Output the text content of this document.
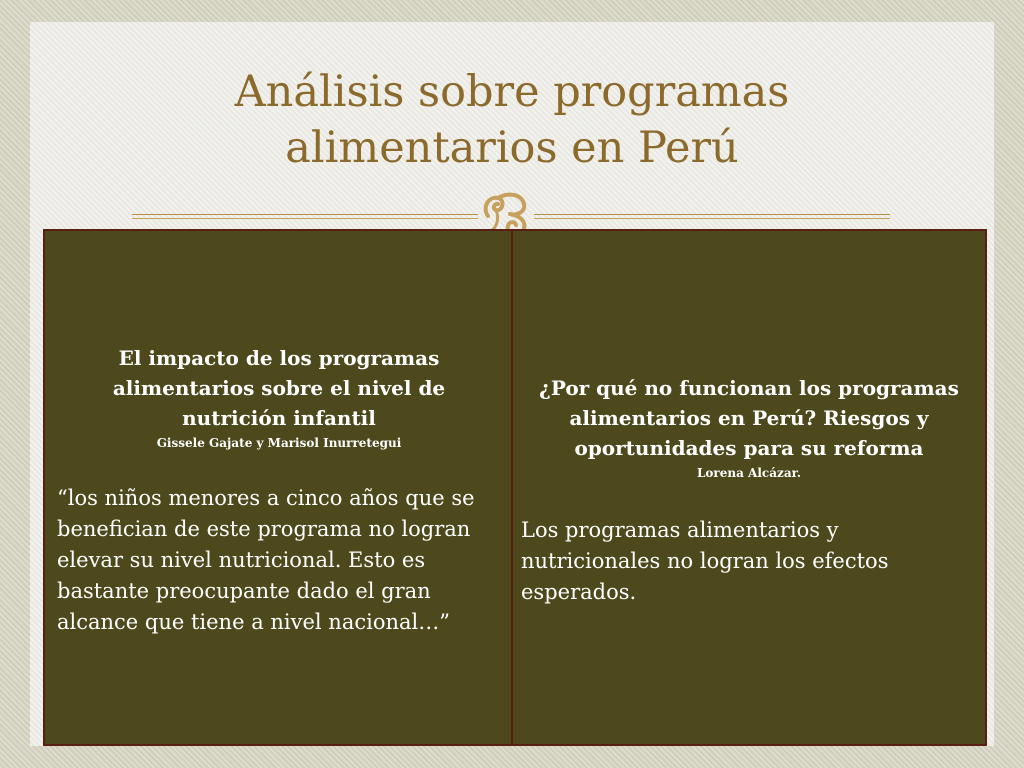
Análisis sobre programas
alimentarios en Perú

El impacto de los programas
alimentarios sobre el nivel de
nutrición infantil

Gissele Gajate y Marisol Inurretegui

“los niños menores a cinco años que se benefician de este programa no logran elevar su nivel nutricional. Esto es bastante preocupante dado el gran alcance que tiene a nivel nacional…”

¿Por qué no funcionan los programas
alimentarios en Perú? Riesgos y
oportunidades para su reforma

Lorena Alcázar.

Los programas alimentarios y nutricionales no logran los efectos esperados.
